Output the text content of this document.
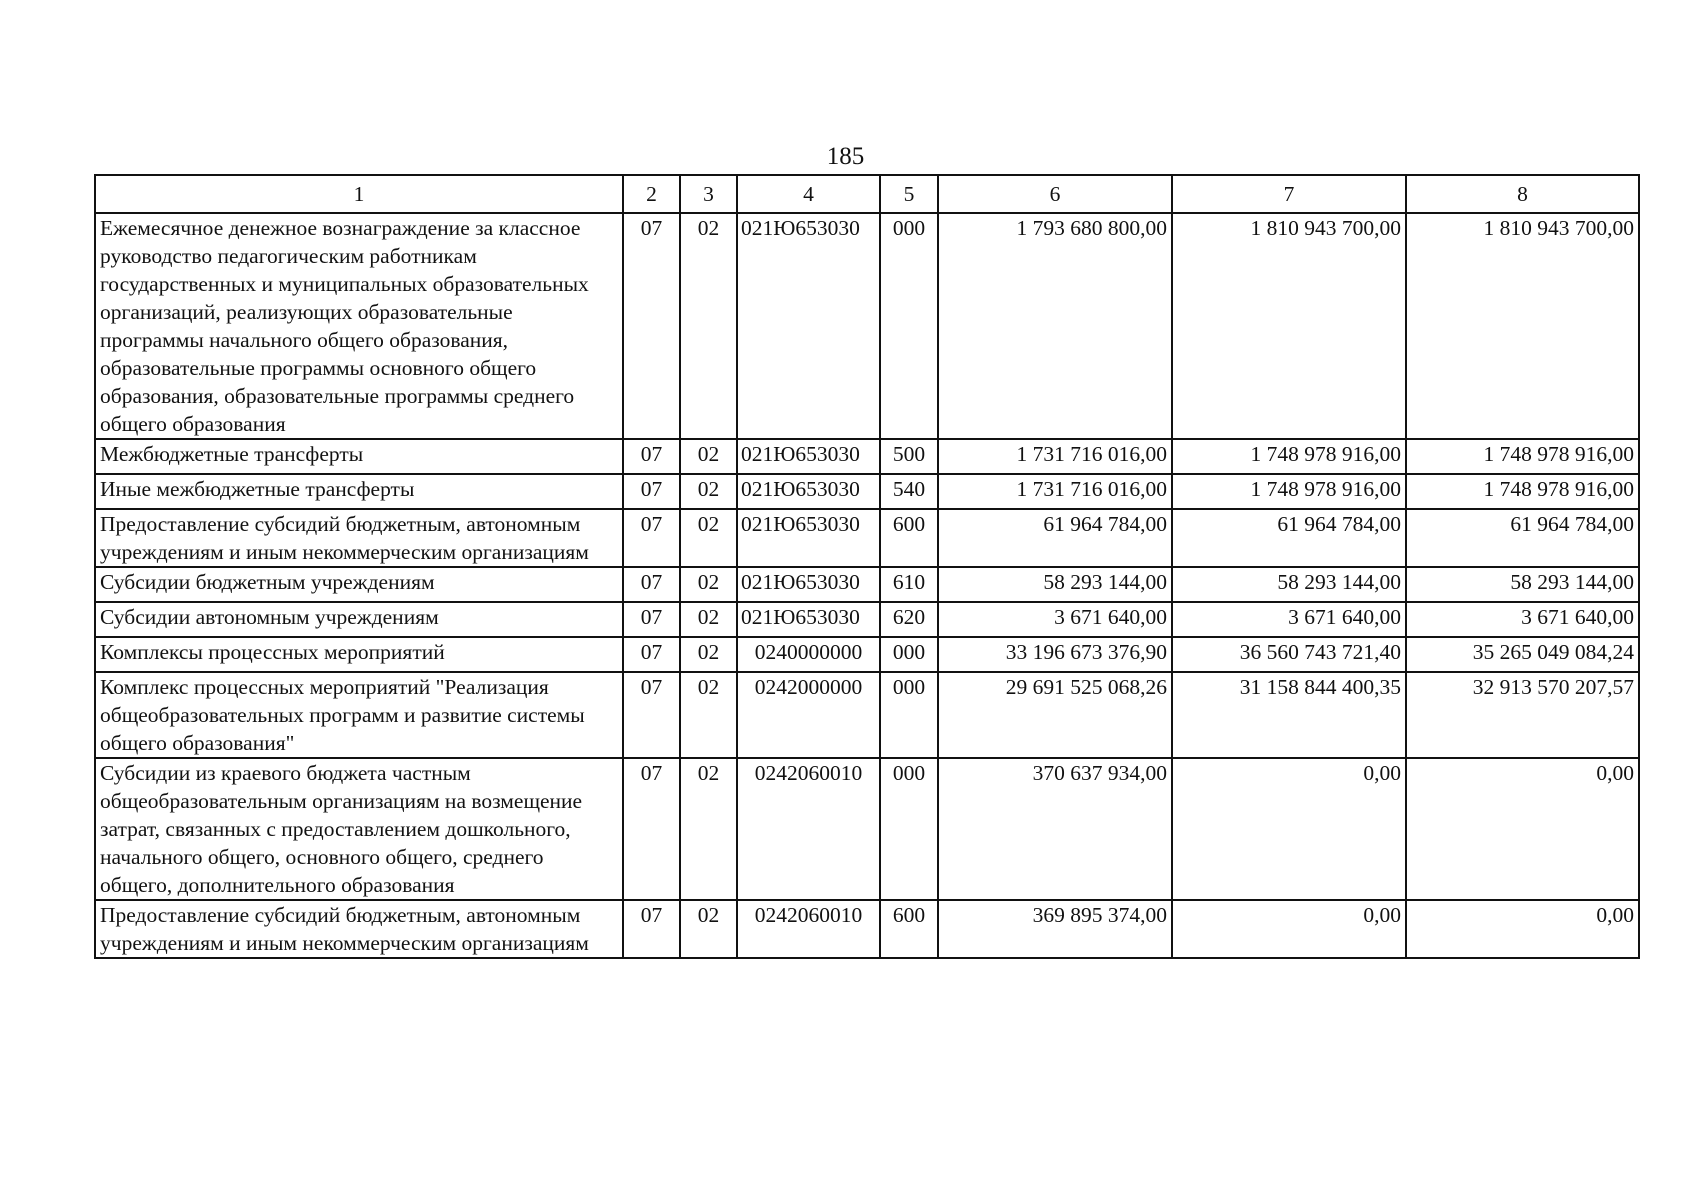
185
1	2	3	4	5	6	7	8
Ежемесячное денежное вознаграждение за классное руководство педагогическим работникам государственных и муниципальных образовательных организаций, реализующих образовательные программы начального общего образования, образовательные программы основного общего образования, образовательные программы среднего общего образования	07	02	021Ю653030	000	1 793 680 800,00	1 810 943 700,00	1 810 943 700,00
Межбюджетные трансферты	07	02	021Ю653030	500	1 731 716 016,00	1 748 978 916,00	1 748 978 916,00
Иные межбюджетные трансферты	07	02	021Ю653030	540	1 731 716 016,00	1 748 978 916,00	1 748 978 916,00
Предоставление субсидий бюджетным, автономным учреждениям и иным некоммерческим организациям	07	02	021Ю653030	600	61 964 784,00	61 964 784,00	61 964 784,00
Субсидии бюджетным учреждениям	07	02	021Ю653030	610	58 293 144,00	58 293 144,00	58 293 144,00
Субсидии автономным учреждениям	07	02	021Ю653030	620	3 671 640,00	3 671 640,00	3 671 640,00
Комплексы процессных мероприятий	07	02	0240000000	000	33 196 673 376,90	36 560 743 721,40	35 265 049 084,24
Комплекс процессных мероприятий "Реализация общеобразовательных программ и развитие системы общего образования"	07	02	0242000000	000	29 691 525 068,26	31 158 844 400,35	32 913 570 207,57
Субсидии из краевого бюджета частным общеобразовательным организациям на возмещение затрат, связанных с предоставлением дошкольного, начального общего, основного общего, среднего общего, дополнительного образования	07	02	0242060010	000	370 637 934,00	0,00	0,00
Предоставление субсидий бюджетным, автономным учреждениям и иным некоммерческим организациям	07	02	0242060010	600	369 895 374,00	0,00	0,00
